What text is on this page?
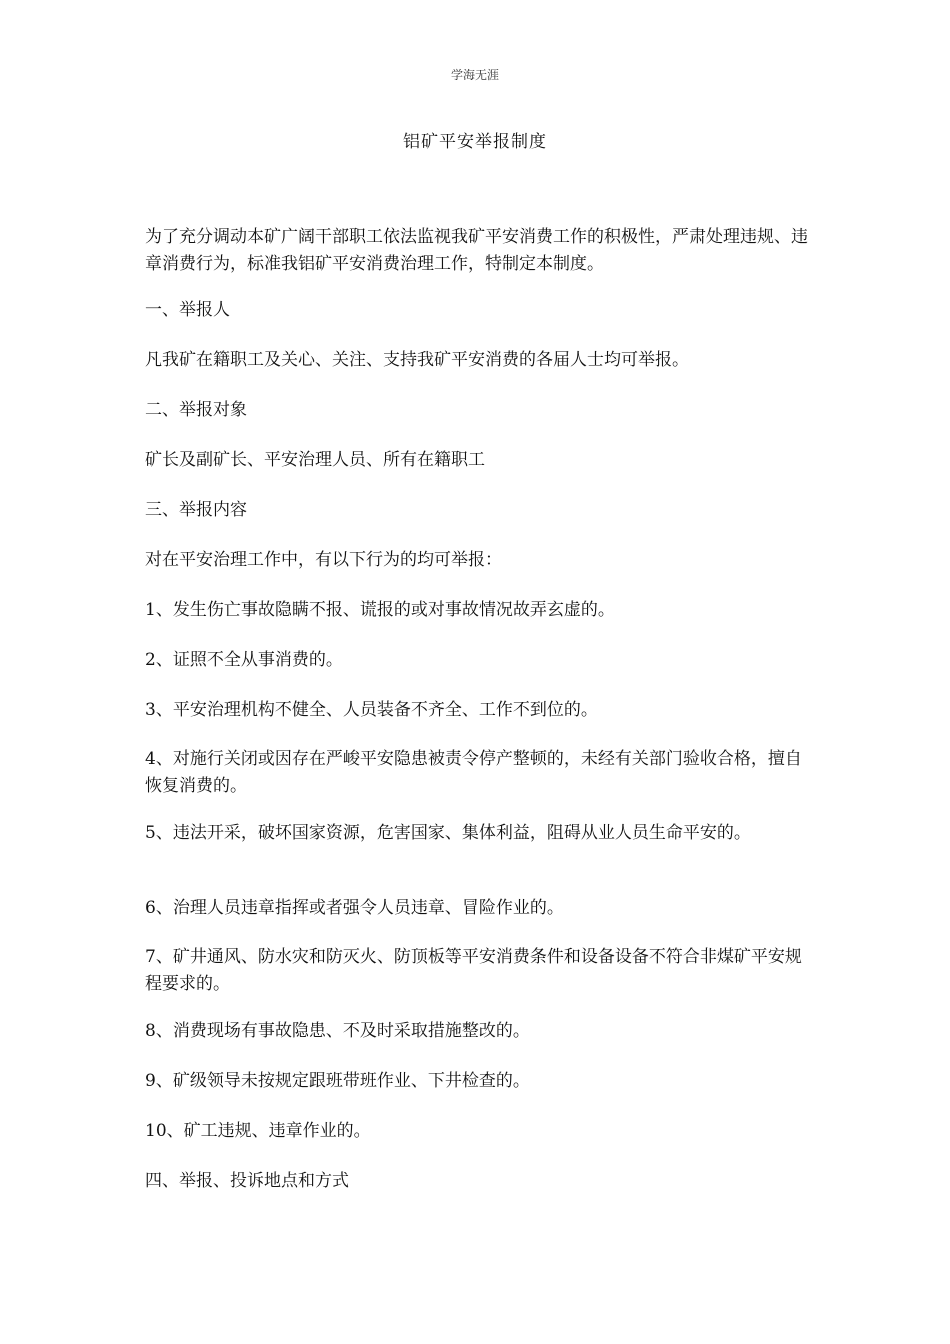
学海无涯
铝矿平安举报制度

为了充分调动本矿广阔干部职工依法监视我矿平安消费工作的积极性，严肃处理违规、违章消费行为，标准我铝矿平安消费治理工作，特制定本制度。

一、举报人

凡我矿在籍职工及关心、关注、支持我矿平安消费的各届人士均可举报。

二、举报对象

矿长及副矿长、平安治理人员、所有在籍职工

三、举报内容

对在平安治理工作中，有以下行为的均可举报：

1、发生伤亡事故隐瞒不报、谎报的或对事故情况故弄玄虚的。

2、证照不全从事消费的。

3、平安治理机构不健全、人员装备不齐全、工作不到位的。

4、对施行关闭或因存在严峻平安隐患被责令停产整顿的，未经有关部门验收合格，擅自恢复消费的。

5、违法开采，破坏国家资源，危害国家、集体利益，阻碍从业人员生命平安的。

6、治理人员违章指挥或者强令人员违章、冒险作业的。

7、矿井通风、防水灾和防灭火、防顶板等平安消费条件和设备设备不符合非煤矿平安规程要求的。

8、消费现场有事故隐患、不及时采取措施整改的。

9、矿级领导未按规定跟班带班作业、下井检查的。

10、矿工违规、违章作业的。

四、举报、投诉地点和方式
